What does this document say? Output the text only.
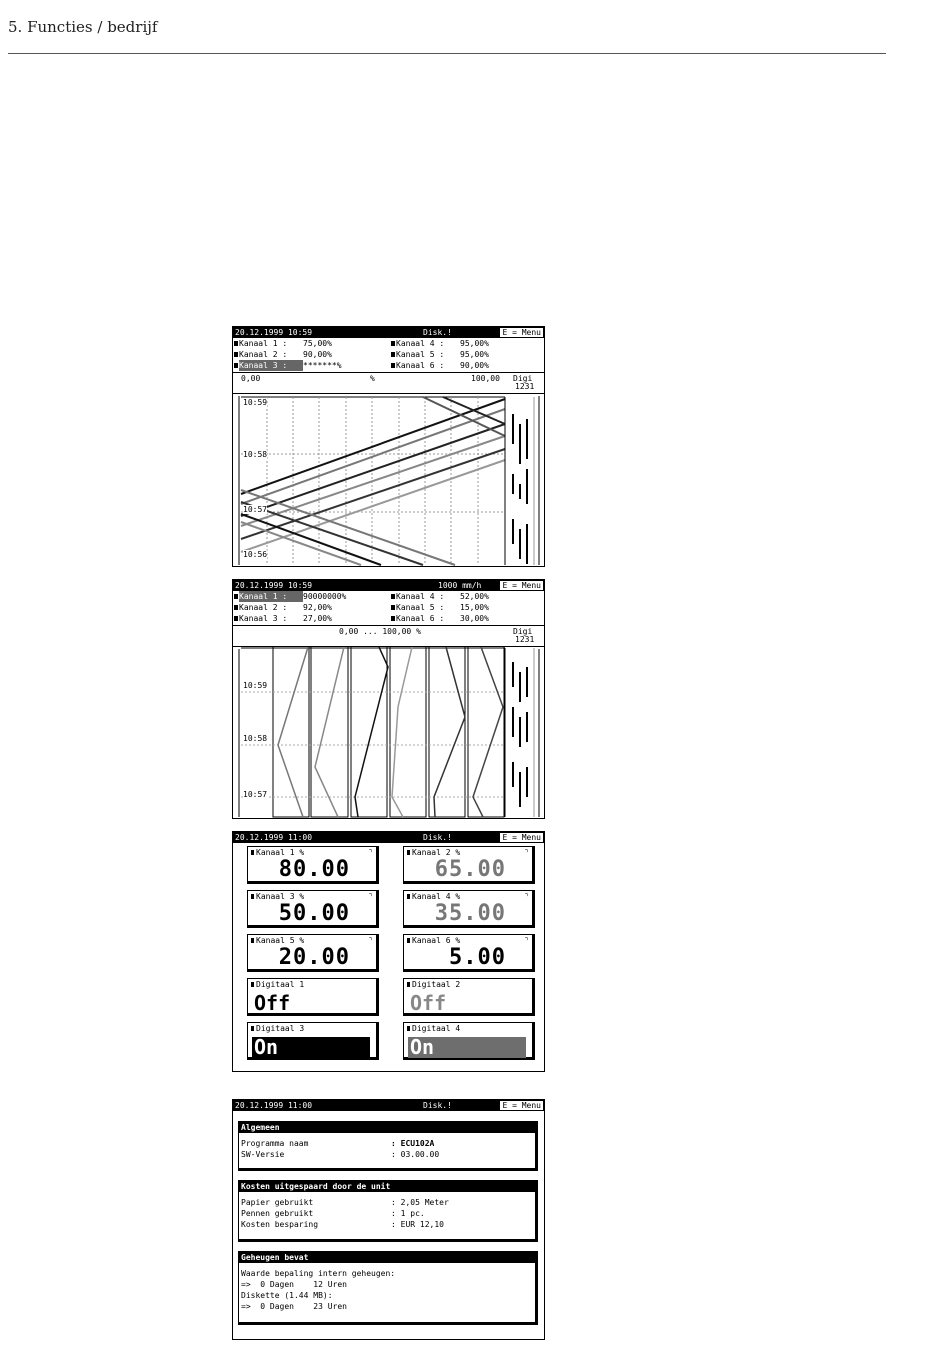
5. Functies / bedrijf
20.12.1999 10:59	Disk.!	E = Menu
Kanaal 1 : 75,00%
Kanaal 2 : 90,00%
Kanaal 3 : *******%
Kanaal 4 : 95,00%
Kanaal 5 : 95,00%
Kanaal 6 : 90,00%
0,00	%	100,00 Digi
1231
10:59
10:58
10:57
10:56
20.12.1999 10:59	1000 mm/h	E = Menu
Kanaal 1 : 90000000%
Kanaal 2 : 92,00%
Kanaal 3 : 27,00%
Kanaal 4 : 52,00%
Kanaal 5 : 15,00%
Kanaal 6 : 30,00%
0,00 ... 100,00 %	Digi
1231
10:59
10:58
10:57
20.12.1999 11:00	Disk.!	E = Menu
Kanaal 1 %	⌝
80.00
Kanaal 2 %	⌝
65.00
Kanaal 3 %	⌝
50.00
Kanaal 4 %	⌝
35.00
Kanaal 5 %	⌝
20.00
Kanaal 6 %	⌝
5.00
Digitaal 1
Off
Digitaal 2
Off
Digitaal 3
On
Digitaal 4
On
20.12.1999 11:00	Disk.!	E = Menu
Algemeen
Programma naam	: ECU102A
SW-Versie	: 03.00.00
Kosten uitgespaard door de unit
Papier gebruikt	: 2,05 Meter
Pennen gebruikt	: 1 pc.
Kosten besparing	: EUR 12,10
Geheugen bevat
Waarde bepaling intern geheugen:
=>  0 Dagen    12 Uren
Diskette (1.44 MB):
=>  0 Dagen    23 Uren
